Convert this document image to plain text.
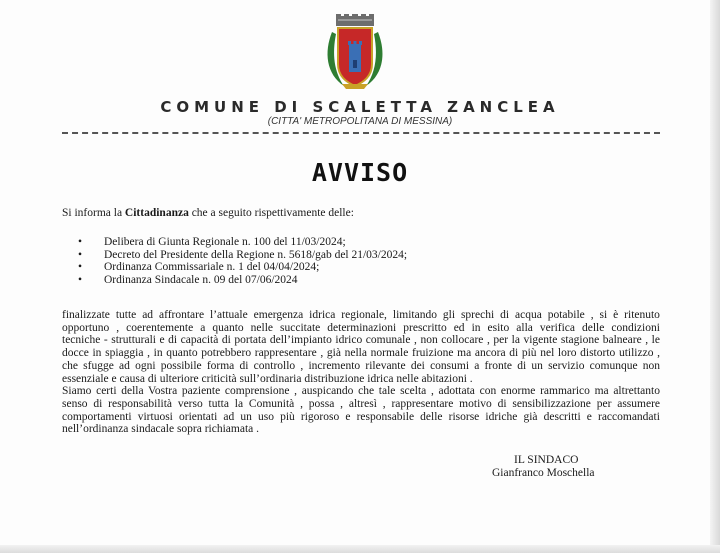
COMUNE DI SCALETTA ZANCLEA

(CITTA' METROPOLITANA DI MESSINA)

AVVISO

Si informa la Cittadinanza che a seguito rispettivamente delle:

• Delibera di Giunta Regionale n. 100 del 11/03/2024;
• Decreto del Presidente della Regione n. 5618/gab del 21/03/2024;
• Ordinanza Commissariale n. 1 del 04/04/2024;
• Ordinanza Sindacale n. 09 del 07/06/2024
finalizzate tutte ad affrontare l’attuale emergenza idrica regionale, limitando gli sprechi di acqua potabile , si è ritenuto
opportuno , coerentemente a quanto nelle succitate determinazioni prescritto ed in esito alla verifica delle condizioni
tecniche - strutturali e di capacità di portata dell’impianto idrico comunale , non collocare , per la vigente stagione balneare , le
docce in spiaggia , in quanto potrebbero rappresentare , già nella normale fruizione ma ancora di più nel loro distorto utilizzo ,
che sfugge ad ogni possibile forma di controllo , incremento rilevante dei consumi a fronte di un servizio comunque non
essenziale e causa di ulteriore criticità sull’ordinaria distribuzione idrica nelle abitazioni .
Siamo certi della Vostra paziente comprensione , auspicando che tale scelta , adottata con enorme rammarico ma altrettanto
senso di responsabilità verso tutta la Comunità , possa , altresì , rappresentare motivo di sensibilizzazione per assumere
comportamenti virtuosi orientati ad un uso più rigoroso e responsabile delle risorse idriche già descritti e raccomandati
nell’ordinanza sindacale sopra richiamata .

IL SINDACO

Gianfranco Moschella
